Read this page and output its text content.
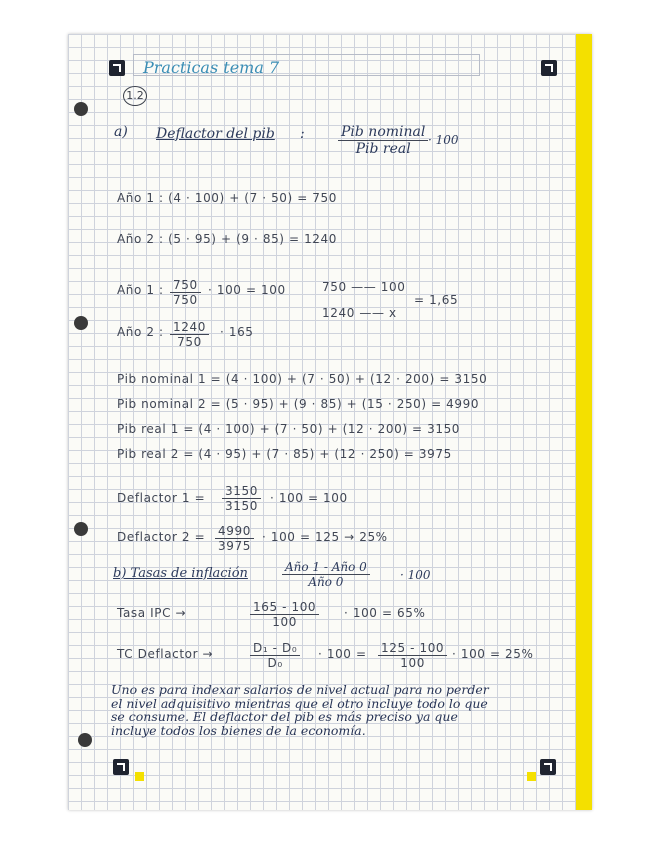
Practicas tema 7
1.2
a) Deflactor del pib :	Pib nominal
Pib real
· 100
Año 1 : (4 · 100) + (7 · 50) = 750
Año 2 : (5 · 95) + (9 · 85) = 1240
Año 1 : $\frac{750}{750} \cdot 100 = 100$	750 —— 100
1240 —— x
= 1,65
Año 2 : $\frac{1240}{750} \cdot 165$
Pib nominal 1 = (4 · 100) + (7 · 50) + (12 · 200) = 3150
Pib nominal 2 = (5 · 95) + (9 · 85) + (15 · 250) = 4990
Pib real 1 = (4 · 100) + (7 · 50) + (12 · 200) = 3150
Pib real 2 = (4 · 95) + (7 · 85) + (12 · 250) = 3975
Deflactor $1 = \frac{3150}{3150} \cdot 100 = 100$
Deflactor $2 = \frac{4990}{3975} \cdot 100 = 125 \to 25\%$
b) Tasas de inflación	Año 1 - Año 0
Año 0	· 100
Tasa IPC →	$\frac{165 - 100}{100} \cdot 100 = 65\%$
TC Deflactor →	$\frac{\text{D₁ - D₀}}{\text{D₀}} \cdot 100 = \frac{125 - 100}{100} \cdot 100 = 25\%$
Uno es para indexar salarios de nivel actual para no perder
el nivel adquisitivo mientras que el otro incluye todo lo que
se consume. El deflactor del pib es más preciso ya que
incluye todos los bienes de la economía.
